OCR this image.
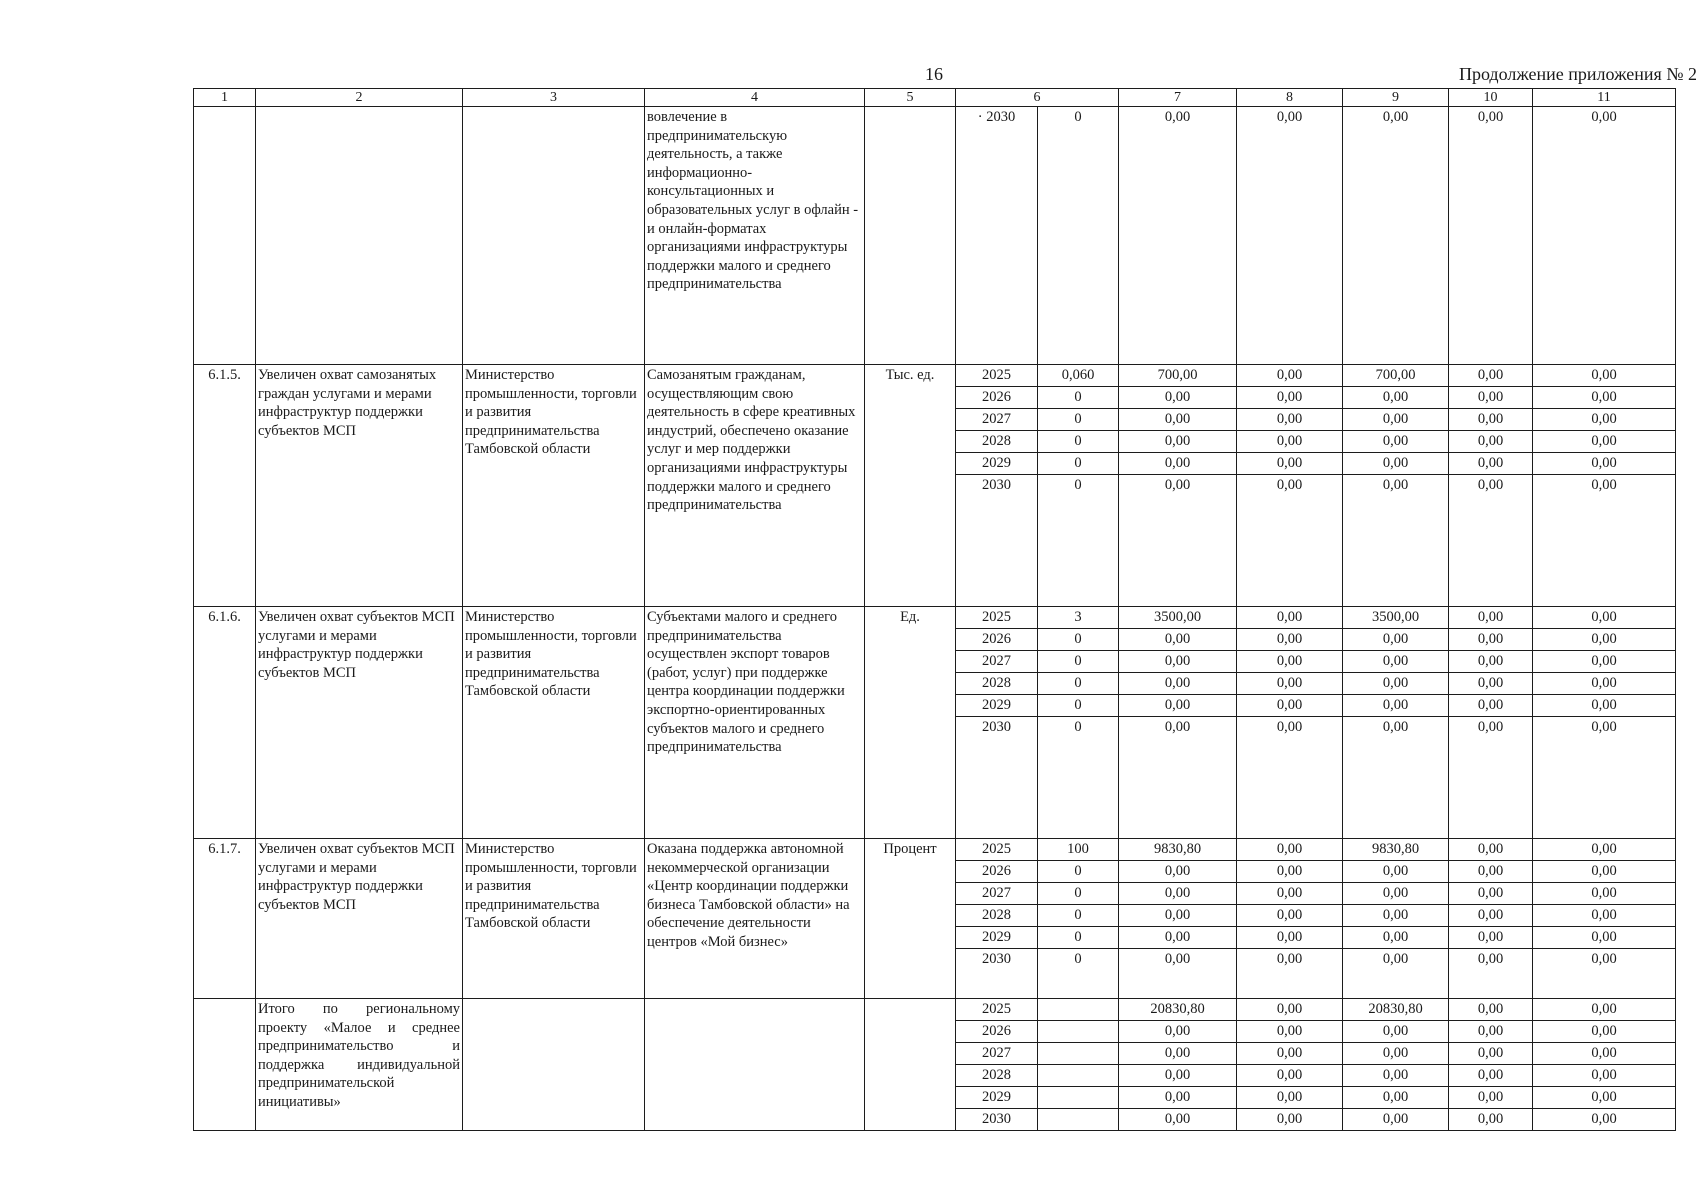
16	Продолжение приложения № 2
1	2	3	4	5	6		7	8	9	10	11
			вовлечение в предпринимательскую деятельность, а также информационно-консультационных и образовательных услуг в офлайн - и онлайн-форматах организациями инфраструктуры поддержки малого и среднего предпринимательства		· 2030	0	0,00	0,00	0,00	0,00	0,00
6.1.5.	Увеличен охват самозанятых граждан услугами и мерами инфраструктур поддержки субъектов МСП	Министерство промышленности, торговли и развития предпринимательства Тамбовской области	Самозанятым гражданам, осуществляющим свою деятельность в сфере креативных индустрий, обеспечено оказание услуг и мер поддержки организациями инфраструктуры поддержки малого и среднего предпринимательства	Тыс. ед.	2025	0,060	700,00	0,00	700,00	0,00	0,00
					2026	0	0,00	0,00	0,00	0,00	0,00
					2027	0	0,00	0,00	0,00	0,00	0,00
					2028	0	0,00	0,00	0,00	0,00	0,00
					2029	0	0,00	0,00	0,00	0,00	0,00
					2030	0	0,00	0,00	0,00	0,00	0,00
6.1.6.	Увеличен охват субъектов МСП услугами и мерами инфраструктур поддержки субъектов МСП	Министерство промышленности, торговли и развития предпринимательства Тамбовской области	Субъектами малого и среднего предпринимательства осуществлен экспорт товаров (работ, услуг) при поддержке центра координации поддержки экспортно-ориентированных субъектов малого и среднего предпринимательства	Ед.	2025	3	3500,00	0,00	3500,00	0,00	0,00
					2026	0	0,00	0,00	0,00	0,00	0,00
					2027	0	0,00	0,00	0,00	0,00	0,00
					2028	0	0,00	0,00	0,00	0,00	0,00
					2029	0	0,00	0,00	0,00	0,00	0,00
					2030	0	0,00	0,00	0,00	0,00	0,00
6.1.7.	Увеличен охват субъектов МСП услугами и мерами инфраструктур поддержки субъектов МСП	Министерство промышленности, торговли и развития предпринимательства Тамбовской области	Оказана поддержка автономной некоммерческой организации «Центр координации поддержки бизнеса Тамбовской области» на обеспечение деятельности центров «Мой бизнес»	Процент	2025	100	9830,80	0,00	9830,80	0,00	0,00
					2026	0	0,00	0,00	0,00	0,00	0,00
					2027	0	0,00	0,00	0,00	0,00	0,00
					2028	0	0,00	0,00	0,00	0,00	0,00
					2029	0	0,00	0,00	0,00	0,00	0,00
					2030	0	0,00	0,00	0,00	0,00	0,00
	Итого по региональному проекту «Малое и среднее предпринимательство и поддержка индивидуальной предпринимательской инициативы»				2025		20830,80	0,00	20830,80	0,00	0,00
					2026		0,00	0,00	0,00	0,00	0,00
					2027		0,00	0,00	0,00	0,00	0,00
					2028		0,00	0,00	0,00	0,00	0,00
					2029		0,00	0,00	0,00	0,00	0,00
					2030		0,00	0,00	0,00	0,00	0,00
